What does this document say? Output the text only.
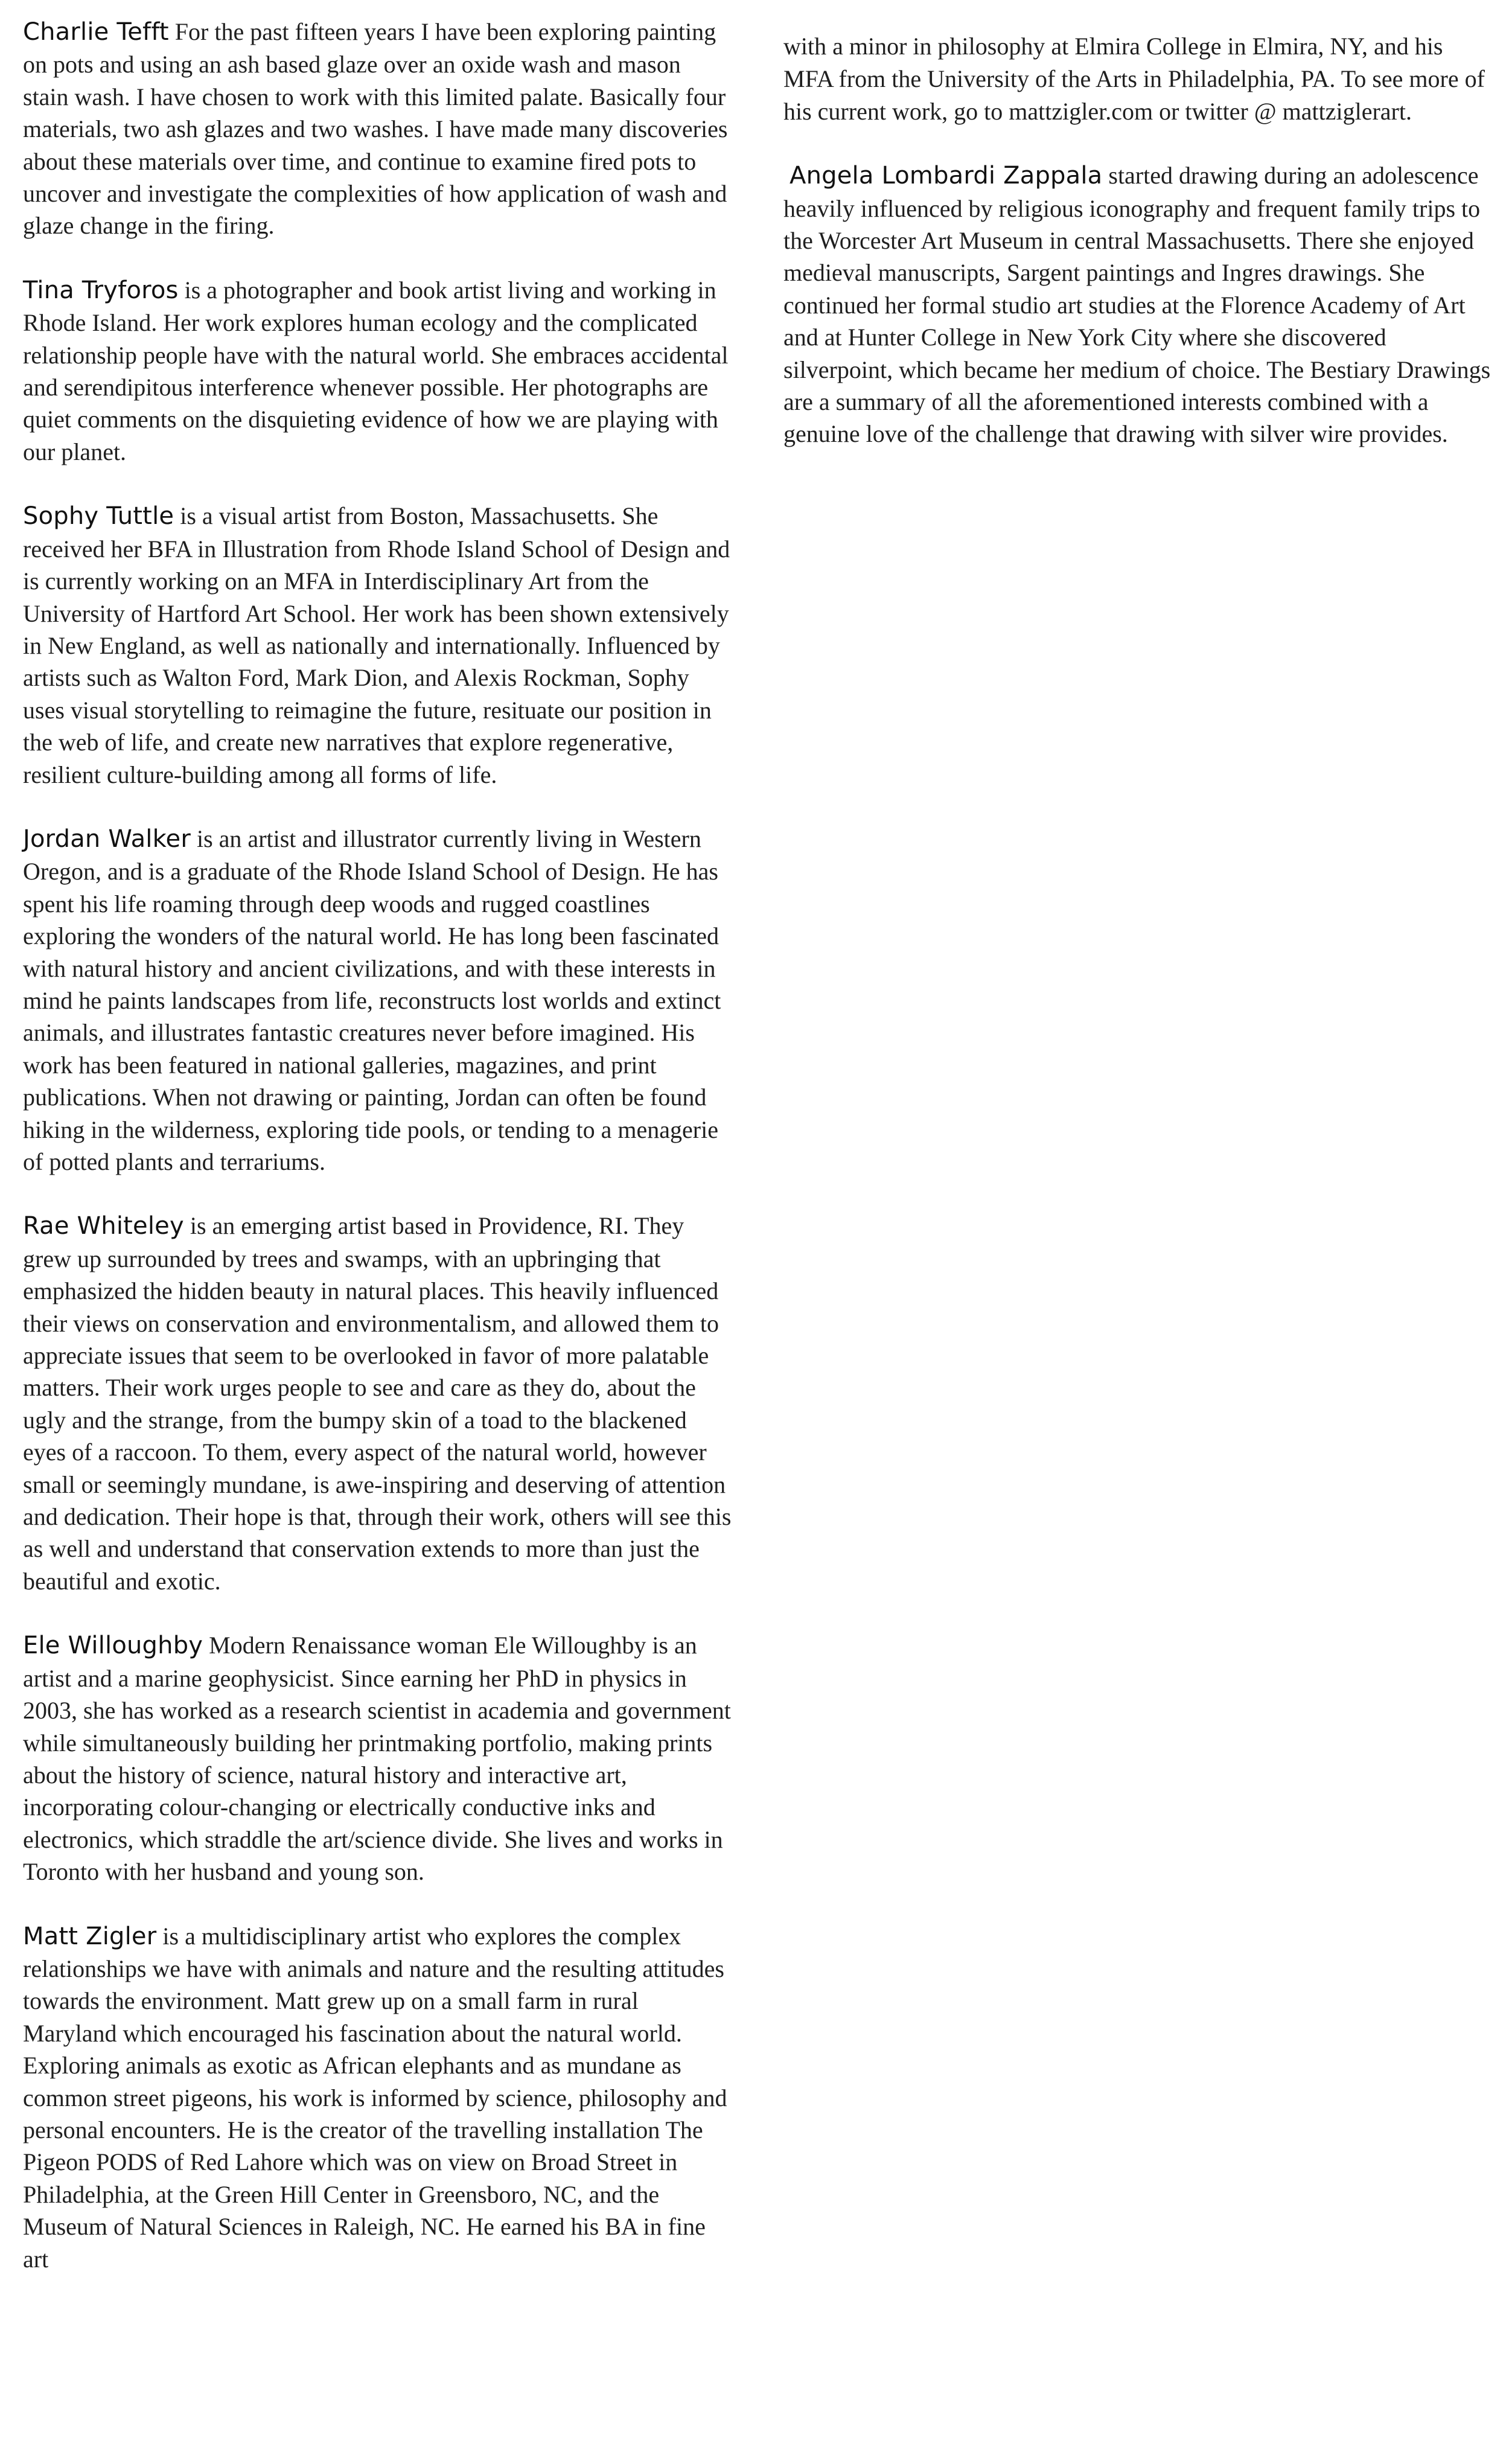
Charlie Tefft For the past fifteen years I have been exploring painting on pots and using an ash based glaze over an oxide wash and mason stain wash. I have chosen to work with this limited palate. Basically four materials, two ash glazes and two washes. I have made many discoveries about these materials over time, and continue to examine fired pots to uncover and investigate the complexities of how application of wash and glaze change in the firing.

Tina Tryforos is a photographer and book artist living and working in Rhode Island. Her work explores human ecology and the complicated relationship people have with the natural world. She embraces accidental and serendipitous interference whenever possible. Her photographs are quiet comments on the disquieting evidence of how we are playing with our planet.

Sophy Tuttle is a visual artist from Boston, Massachusetts. She received her BFA in Illustration from Rhode Island School of Design and is currently working on an MFA in Interdisciplinary Art from the University of Hartford Art School. Her work has been shown extensively in New England, as well as nationally and internationally. Influenced by artists such as Walton Ford, Mark Dion, and Alexis Rockman, Sophy uses visual storytelling to reimagine the future, resituate our position in the web of life, and create new narratives that explore regenerative, resilient culture-building among all forms of life.

Jordan Walker is an artist and illustrator currently living in Western Oregon, and is a graduate of the Rhode Island School of Design. He has spent his life roaming through deep woods and rugged coastlines exploring the wonders of the natural world. He has long been fascinated with natural history and ancient civilizations, and with these interests in mind he paints landscapes from life, reconstructs lost worlds and extinct animals, and illustrates fantastic creatures never before imagined. His work has been featured in national galleries, magazines, and print publications. When not drawing or painting, Jordan can often be found hiking in the wilderness, exploring tide pools, or tending to a menagerie of potted plants and terrariums.

Rae Whiteley is an emerging artist based in Providence, RI. They grew up surrounded by trees and swamps, with an upbringing that emphasized the hidden beauty in natural places. This heavily influenced their views on conservation and environmentalism, and allowed them to appreciate issues that seem to be overlooked in favor of more palatable matters. Their work urges people to see and care as they do, about the ugly and the strange, from the bumpy skin of a toad to the blackened eyes of a raccoon. To them, every aspect of the natural world, however small or seemingly mundane, is awe-inspiring and deserving of attention and dedication. Their hope is that, through their work, others will see this as well and understand that conservation extends to more than just the beautiful and exotic.

Ele Willoughby Modern Renaissance woman Ele Willoughby is an artist and a marine geophysicist. Since earning her PhD in physics in 2003, she has worked as a research scientist in academia and government while simultaneously building her printmaking portfolio, making prints about the history of science, natural history and interactive art, incorporating colour-changing or electrically conductive inks and electronics, which straddle the art/science divide. She lives and works in Toronto with her husband and young son.

Matt Zigler is a multidisciplinary artist who explores the complex relationships we have with animals and nature and the resulting attitudes towards the environment. Matt grew up on a small farm in rural Maryland which encouraged his fascination about the natural world. Exploring animals as exotic as African elephants and as mundane as common street pigeons, his work is informed by science, philosophy and personal encounters. He is the creator of the travelling installation The Pigeon PODS of Red Lahore which was on view on Broad Street in Philadelphia, at the Green Hill Center in Greensboro, NC, and the Museum of Natural Sciences in Raleigh, NC. He earned his BA in fine art

with a minor in philosophy at Elmira College in Elmira, NY, and his MFA from the University of the Arts in Philadelphia, PA. To see more of his current work, go to mattzigler.com or twitter @ mattziglerart.

Angela Lombardi Zappala started drawing during an adolescence heavily influenced by religious iconography and frequent family trips to the Worcester Art Museum in central Massachusetts. There she enjoyed medieval manuscripts, Sargent paintings and Ingres drawings. She continued her formal studio art studies at the Florence Academy of Art and at Hunter College in New York City where she discovered silverpoint, which became her medium of choice. The Bestiary Drawings are a summary of all the aforementioned interests combined with a genuine love of the challenge that drawing with silver wire provides.
